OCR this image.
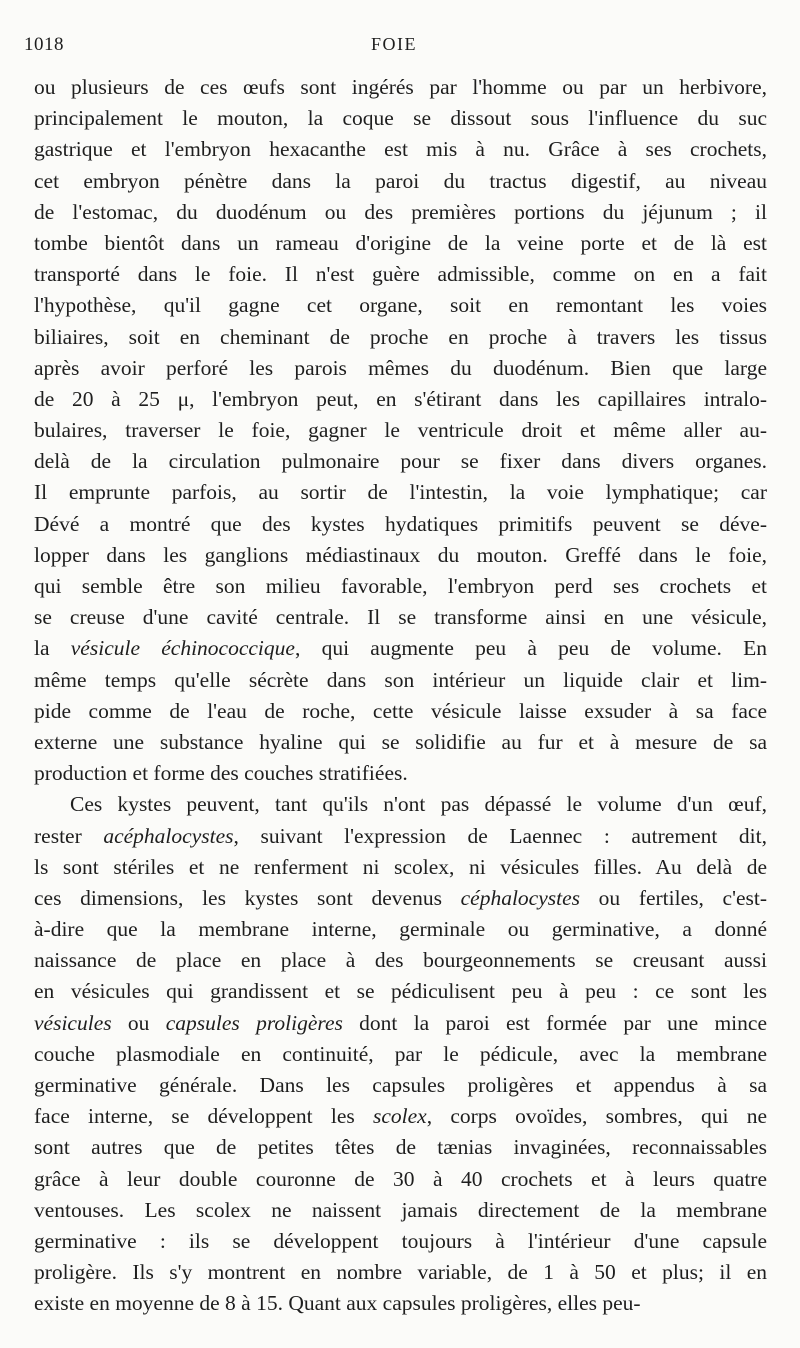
1018	FOIE
ou plusieurs de ces œufs sont ingérés par l'homme ou par un herbivore,
principalement le mouton, la coque se dissout sous l'influence du suc
gastrique et l'embryon hexacanthe est mis à nu. Grâce à ses crochets,
cet embryon pénètre dans la paroi du tractus digestif, au niveau
de l'estomac, du duodénum ou des premières portions du jéjunum ; il
tombe bientôt dans un rameau d'origine de la veine porte et de là est
transporté dans le foie. Il n'est guère admissible, comme on en a fait
l'hypothèse, qu'il gagne cet organe, soit en remontant les voies
biliaires, soit en cheminant de proche en proche à travers les tissus
après avoir perforé les parois mêmes du duodénum. Bien que large
de 20 à 25 μ, l'embryon peut, en s'étirant dans les capillaires intralo-
bulaires, traverser le foie, gagner le ventricule droit et même aller au-
delà de la circulation pulmonaire pour se fixer dans divers organes.
Il emprunte parfois, au sortir de l'intestin, la voie lymphatique; car
Dévé a montré que des kystes hydatiques primitifs peuvent se déve-
lopper dans les ganglions médiastinaux du mouton. Greffé dans le foie,
qui semble être son milieu favorable, l'embryon perd ses crochets et
se creuse d'une cavité centrale. Il se transforme ainsi en une vésicule,
la vésicule échinococcique, qui augmente peu à peu de volume. En
même temps qu'elle sécrète dans son intérieur un liquide clair et lim-
pide comme de l'eau de roche, cette vésicule laisse exsuder à sa face
externe une substance hyaline qui se solidifie au fur et à mesure de sa
production et forme des couches stratifiées.
Ces kystes peuvent, tant qu'ils n'ont pas dépassé le volume d'un œuf,
rester acéphalocystes, suivant l'expression de Laennec : autrement dit,
ls sont stériles et ne renferment ni scolex, ni vésicules filles. Au delà de
ces dimensions, les kystes sont devenus céphalocystes ou fertiles, c'est-
à-dire que la membrane interne, germinale ou germinative, a donné
naissance de place en place à des bourgeonnements se creusant aussi
en vésicules qui grandissent et se pédiculisent peu à peu : ce sont les
vésicules ou capsules proligères dont la paroi est formée par une mince
couche plasmodiale en continuité, par le pédicule, avec la membrane
germinative générale. Dans les capsules proligères et appendus à sa
face interne, se développent les scolex, corps ovoïdes, sombres, qui ne
sont autres que de petites têtes de tænias invaginées, reconnaissables
grâce à leur double couronne de 30 à 40 crochets et à leurs quatre
ventouses. Les scolex ne naissent jamais directement de la membrane
germinative : ils se développent toujours à l'intérieur d'une capsule
proligère. Ils s'y montrent en nombre variable, de 1 à 50 et plus; il en
existe en moyenne de 8 à 15. Quant aux capsules proligères, elles peu-
